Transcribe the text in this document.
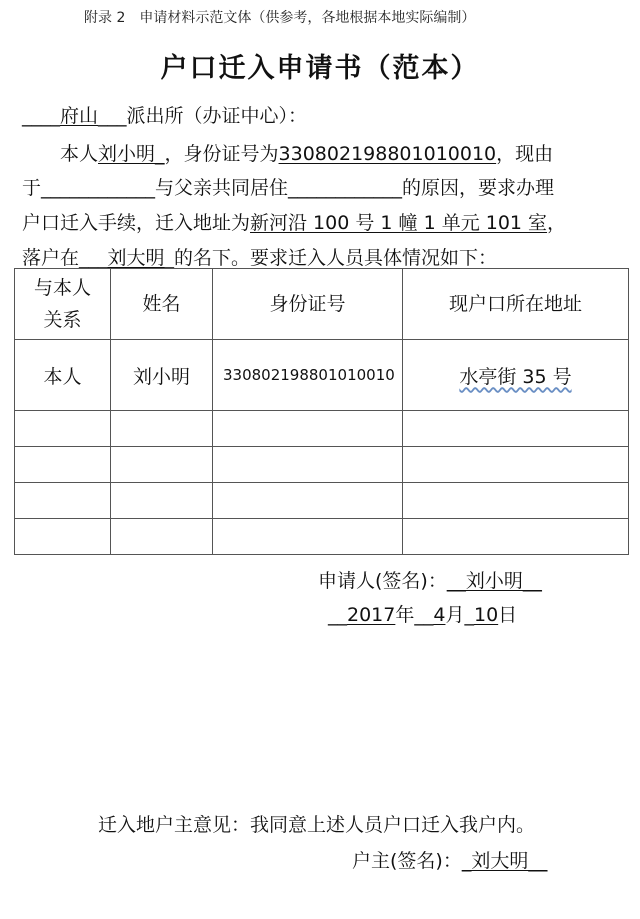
附录 2　申请材料示范文体（供参考，各地根据本地实际编制）
户口迁入申请书（范本）
____府山___派出所（办证中心）：
本人刘小明_，身份证号为330802198801010010，现由
于____________与父亲共同居住____________的原因，要求办理
户口迁入手续，迁入地址为新河沿 100 号 1 幢 1 单元 101 室，
落户在___刘大明_的名下。要求迁入人员具体情况如下：
与本人关系	姓名	身份证号	现户口所在地址
本人	刘小明	330802198801010010	水亭街 35 号

申请人(签名)：__刘小明__
__2017年__4月_10日
迁入地户主意见：我同意上述人员户口迁入我户内。
户主(签名)：_刘大明__
